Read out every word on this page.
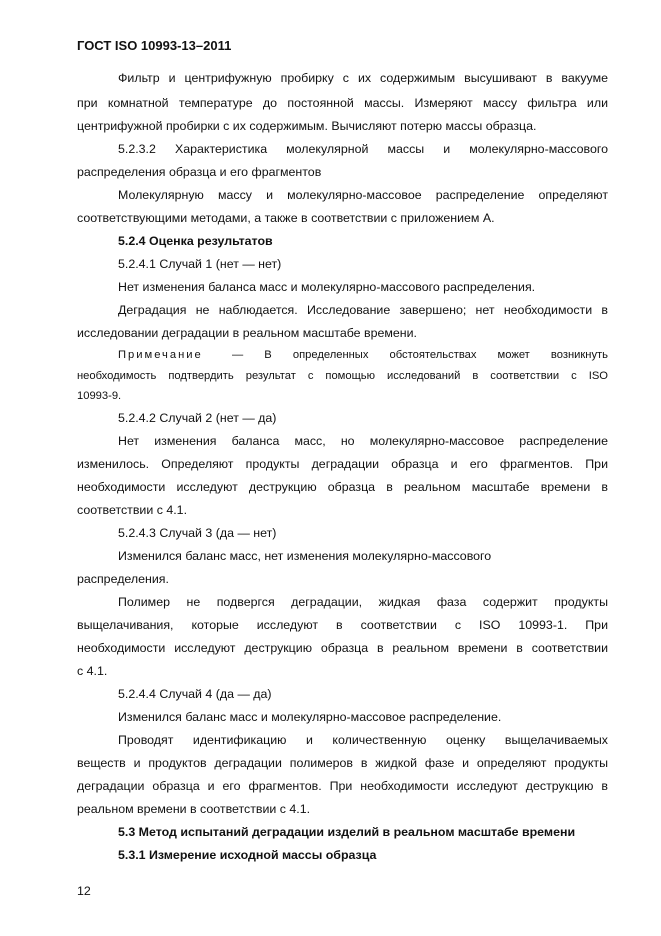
ГОСТ ISO 10993-13–2011
Фильтр и центрифужную пробирку с их содержимым высушивают в вакууме
при комнатной температуре до постоянной массы. Измеряют массу фильтра или
центрифужной пробирки с их содержимым. Вычисляют потерю массы образца.
5.2.3.2 Характеристика молекулярной массы и молекулярно-массового
распределения образца и его фрагментов
Молекулярную массу и молекулярно-массовое распределение определяют
соответствующими методами, а также в соответствии с приложением А.
5.2.4 Оценка результатов
5.2.4.1 Случай 1 (нет — нет)
Нет изменения баланса масс и молекулярно-массового распределения.
Деградация не наблюдается. Исследование завершено; нет необходимости в
исследовании деградации в реальном масштабе времени.
Примечание	— В определенных обстоятельствах может возникнуть
необходимость подтвердить результат с помощью исследований в соответствии с ISO
10993-9.
5.2.4.2 Cлучай 2 (нет — да)
Нет изменения баланса масс, но молекулярно-массовое распределение
изменилось. Определяют продукты деградации образца и его фрагментов. При
необходимости исследуют деструкцию образца в реальном масштабе времени в
соответствии с 4.1.
5.2.4.3 Cлучай 3 (да — нет)
Изменился баланс масс, нет изменения молекулярно-массового
распределения.
Полимер не подвергся деградации, жидкая фаза содержит продукты
выщелачивания, которые исследуют в соответствии с ISO 10993-1. При
необходимости исследуют деструкцию образца в реальном времени в соответствии
с 4.1.
5.2.4.4 Cлучай 4 (да — да)
Изменился баланс масс и молекулярно-массовое распределение.
Проводят идентификацию и количественную оценку выщелачиваемых
веществ и продуктов деградации полимеров в жидкой фазе и определяют продукты
деградации образца и его фрагментов. При необходимости исследуют деструкцию в
реальном времени в соответствии с 4.1.
5.3 Метод испытаний деградации изделий в реальном масштабе времени
5.3.1 Измерение исходной массы образца
12
